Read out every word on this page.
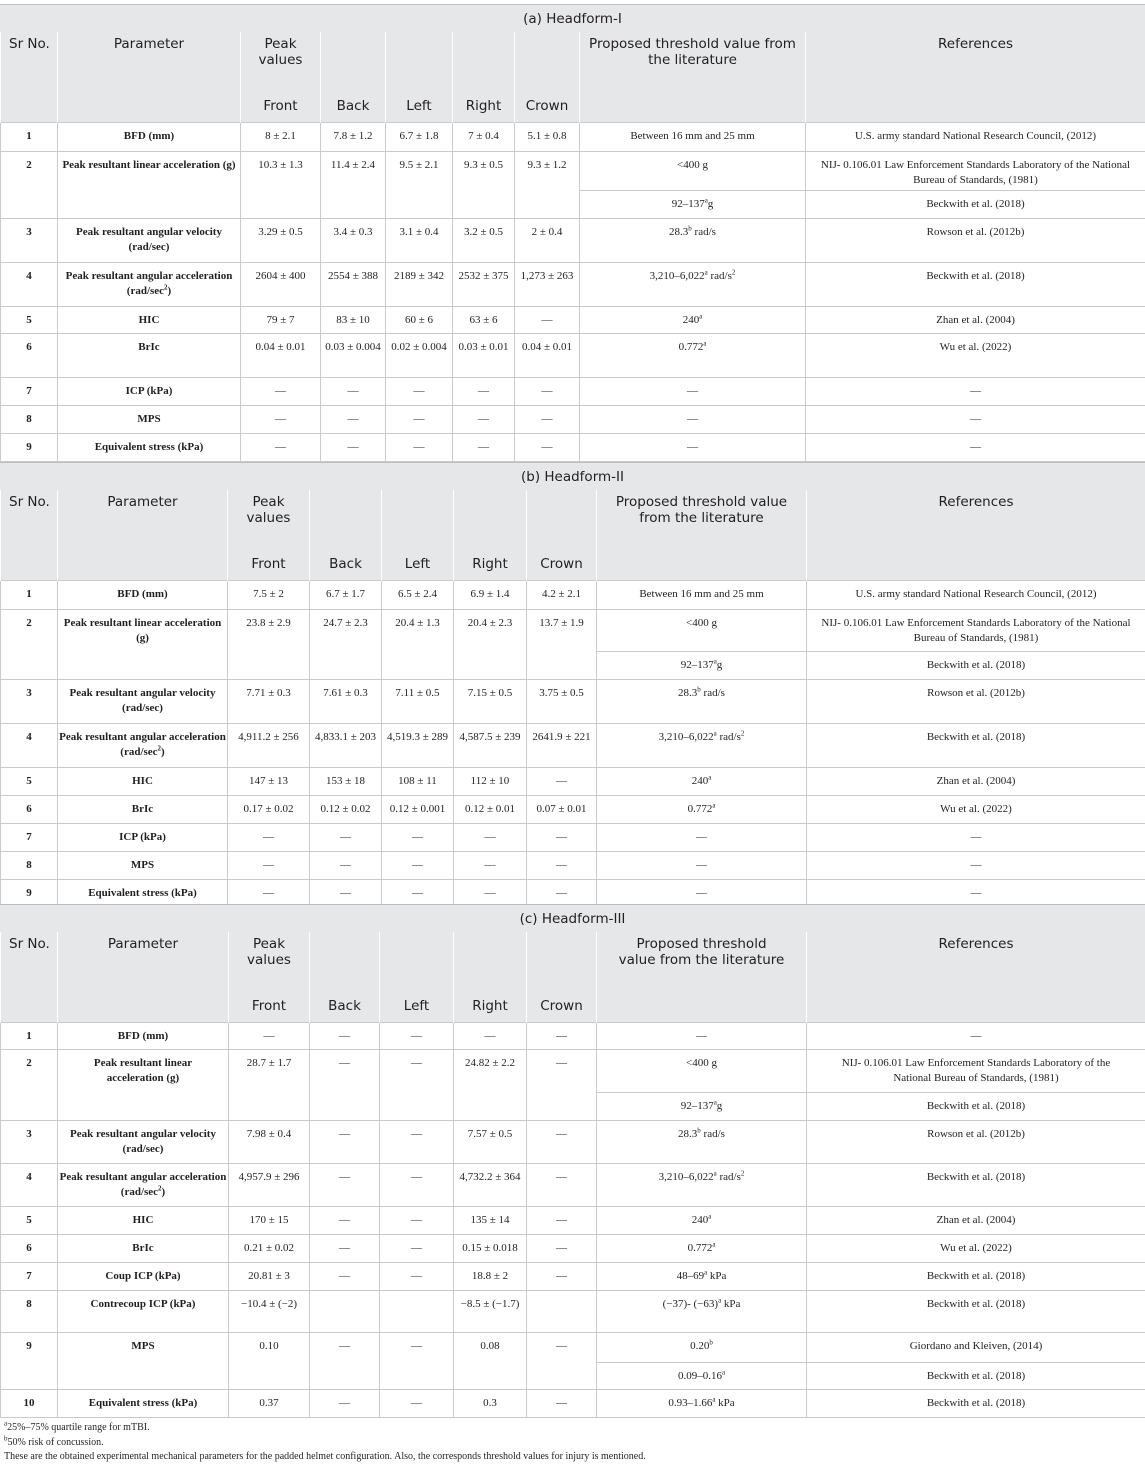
(a) Headform-I
Sr No.	Parameter	Peak values					Proposed threshold value from the literature	References
		Front	Back	Left	Right	Crown		
1	BFD (mm)	8 ± 2.1	7.8 ± 1.2	6.7 ± 1.8	7 ± 0.4	5.1 ± 0.8	Between 16 mm and 25 mm	U.S. army standard National Research Council, (2012)
2	Peak resultant linear acceleration (g)	10.3 ± 1.3	11.4 ± 2.4	9.5 ± 2.1	9.3 ± 0.5	9.3 ± 1.2	<400 g	NIJ- 0.106.01 Law Enforcement Standards Laboratory of the National Bureau of Standards, (1981)
							92–137$^a$g	Beckwith et al. (2018)
3	Peak resultant angular velocity (rad/sec)	3.29 ± 0.5	3.4 ± 0.3	3.1 ± 0.4	3.2 ± 0.5	2 ± 0.4	28.3$^b$ rad/s	Rowson et al. (2012b)
4	Peak resultant angular acceleration $(rad/\sec^2)$	2604 ± 400	2554 ± 388	2189 ± 342	2532 ± 375	1,273 ± 263	3,210–6,022$^a$ rad/$s^2$	Beckwith et al. (2018)
5	HIC	79 ± 7	83 ± 10	60 ± 6	63 ± 6	—	240$^a$	Zhan et al. (2004)
6	BrIc	0.04 ± 0.01	0.03 ± 0.004	0.02 ± 0.004	0.03 ± 0.01	0.04 ± 0.01	0.772$^a$	Wu et al. (2022)
7	ICP (kPa)	—	—	—	—	—	—	—
8	MPS	—	—	—	—	—	—	—
9	Equivalent stress (kPa)	—	—	—	—	—	—	—
(b) Headform-II
Sr No.	Parameter	Peak values					Proposed threshold value from the literature	References
		Front	Back	Left	Right	Crown		
1	BFD (mm)	7.5 ± 2	6.7 ± 1.7	6.5 ± 2.4	6.9 ± 1.4	4.2 ± 2.1	Between 16 mm and 25 mm	U.S. army standard National Research Council, (2012)
2	Peak resultant linear acceleration (g)	23.8 ± 2.9	24.7 ± 2.3	20.4 ± 1.3	20.4 ± 2.3	13.7 ± 1.9	<400 g	NIJ- 0.106.01 Law Enforcement Standards Laboratory of the National Bureau of Standards, (1981)
							92–137$^a$g	Beckwith et al. (2018)
3	Peak resultant angular velocity (rad/sec)	7.71 ± 0.3	7.61 ± 0.3	7.11 ± 0.5	7.15 ± 0.5	3.75 ± 0.5	28.3$^b$ rad/s	Rowson et al. (2012b)
4	Peak resultant angular acceleration $(rad/\sec^2)$	4,911.2 ± 256	4,833.1 ± 203	4,519.3 ± 289	4,587.5 ± 239	2641.9 ± 221	3,210–6,022$^a$ rad/$s^2$	Beckwith et al. (2018)
5	HIC	147 ± 13	153 ± 18	108 ± 11	112 ± 10	—	240$^a$	Zhan et al. (2004)
6	BrIc	0.17 ± 0.02	0.12 ± 0.02	0.12 ± 0.001	0.12 ± 0.01	0.07 ± 0.01	0.772$^a$	Wu et al. (2022)
7	ICP (kPa)	—	—	—	—	—	—	—
8	MPS	—	—	—	—	—	—	—
9	Equivalent stress (kPa)	—	—	—	—	—	—	—
(c) Headform-III
Sr No.	Parameter	Peak values					Proposed threshold value from the literature	References
		Front	Back	Left	Right	Crown		
1	BFD (mm)	—	—	—	—	—	—	—
2	Peak resultant linear acceleration (g)	28.7 ± 1.7	—	—	24.82 ± 2.2	—	<400 g	NIJ- 0.106.01 Law Enforcement Standards Laboratory of the National Bureau of Standards, (1981)
							92–137$^a$g	Beckwith et al. (2018)
3	Peak resultant angular velocity (rad/sec)	7.98 ± 0.4	—	—	7.57 ± 0.5	—	28.3$^b$ rad/s	Rowson et al. (2012b)
4	Peak resultant angular acceleration $(rad/\sec^2)$	4,957.9 ± 296	—	—	4,732.2 ± 364	—	3,210–6,022$^a$ rad/$s^2$	Beckwith et al. (2018)
5	HIC	170 ± 15	—	—	135 ± 14	—	240$^a$	Zhan et al. (2004)
6	BrIc	0.21 ± 0.02	—	—	0.15 ± 0.018	—	0.772$^a$	Wu et al. (2022)
7	Coup ICP (kPa)	20.81 ± 3	—	—	18.8 ± 2	—	48–69$^a$ kPa	Beckwith et al. (2018)
8	Contrecoup ICP (kPa)	−10.4 ± (−2)			−8.5 ± (−1.7)		(−37)- $(-63)^a$ kPa	Beckwith et al. (2018)
9	MPS	0.10	—	—	0.08	—	0.20$^b$	Giordano and Kleiven, (2014)
							0.09–0.16$^a$	Beckwith et al. (2018)
10	Equivalent stress (kPa)	0.37	—	—	0.3	—	0.93–1.66$^a$ kPa	Beckwith et al. (2018)
$^a$25%–75% quartile range for mTBI.
$^b$50% risk of concussion.
These are the obtained experimental mechanical parameters for the padded helmet configuration. Also, the corresponds threshold values for injury is mentioned.
